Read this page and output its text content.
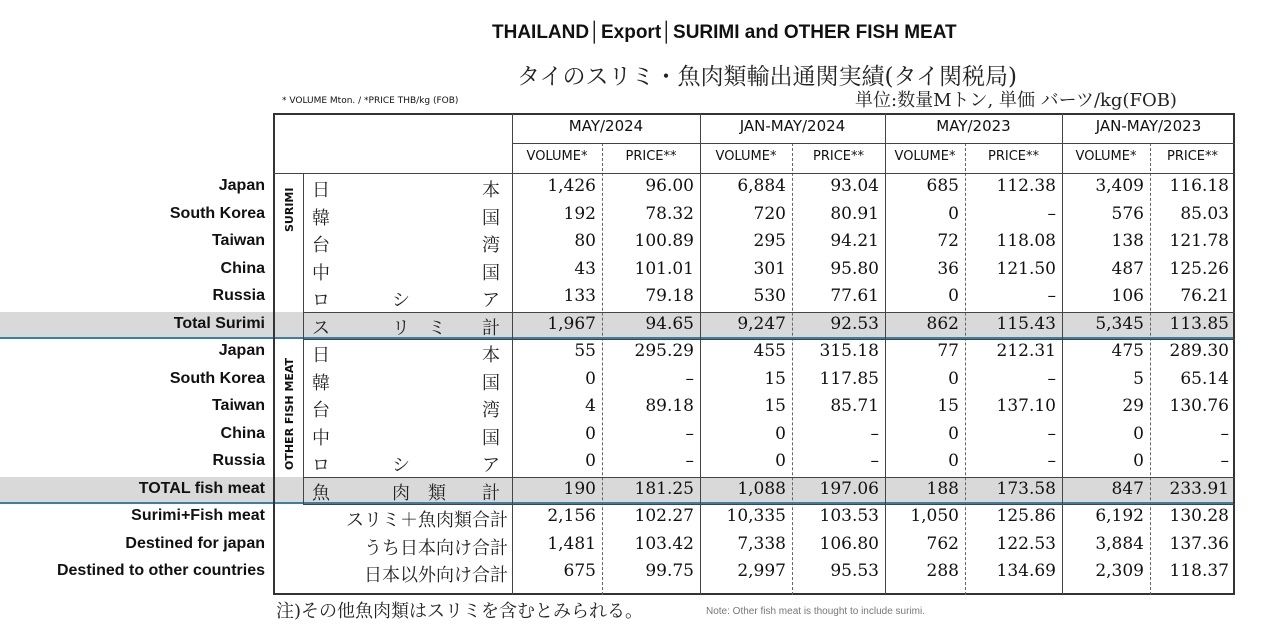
THAILAND│Export│SURIMI and OTHER FISH MEAT
タイのスリミ・魚肉類輸出通関実績(タイ関税局)
単位:数量Mトン, 単価 バーツ/kg(FOB)
* VOLUME Mton. / *PRICE THB/kg (FOB)
MAY/2024	JAN-MAY/2024	MAY/2023	JAN-MAY/2023
VOLUME*	PRICE**	VOLUME*	PRICE**	VOLUME*	PRICE**	VOLUME*	PRICE**
SURIMI
OTHER FISH MEAT
Japan	日	本	1,426	96.00	6,884	93.04	685 112.38 3,409 116.18
South Korea	韓	国	192	78.32	720	80.91	0	–	576 85.03
Taiwan	台	湾	80 100.89	295	94.21	72 118.08	138 121.78
China	中	国	43 101.01	301	95.80	36 121.50	487 125.26
Russia	ロ	シ	ア	133	79.18	530	77.61	0	–	106 76.21
Total Surimi	ス	リ　ミ 計	1,967	94.65	9,247	92.53	862 115.43 5,345 113.85
Japan	日	本	55 295.29	455 315.18	77 212.31	475 289.30
South Korea	韓	国	0	–	15 117.85	0	–	5 65.14
Taiwan	台	湾	4	89.18	15	85.71	15 137.10	29 130.76
China	中	国	0	–	0	–	0	–	0	–
Russia	ロ	シ	ア	0	–	0	–	0	–	0	–
TOTAL fish meat	魚	肉　類 計	190 181.25	1,088 197.06	188 173.58	847 233.91
Surimi+Fish meat	スリミ＋魚肉類合計 2,156 102.27 10,335 103.53 1,050 125.86 6,192 130.28
Destined for japan	うち日本向け合計 1,481 103.42	7,338 106.80	762 122.53 3,884 137.36
Destined to other countries	日本以外向け合計	675	99.75	2,997	95.53	288 134.69 2,309 118.37
注)その他魚肉類はスリミを含むとみられる。	Note: Other fish meat is thought to include surimi.
